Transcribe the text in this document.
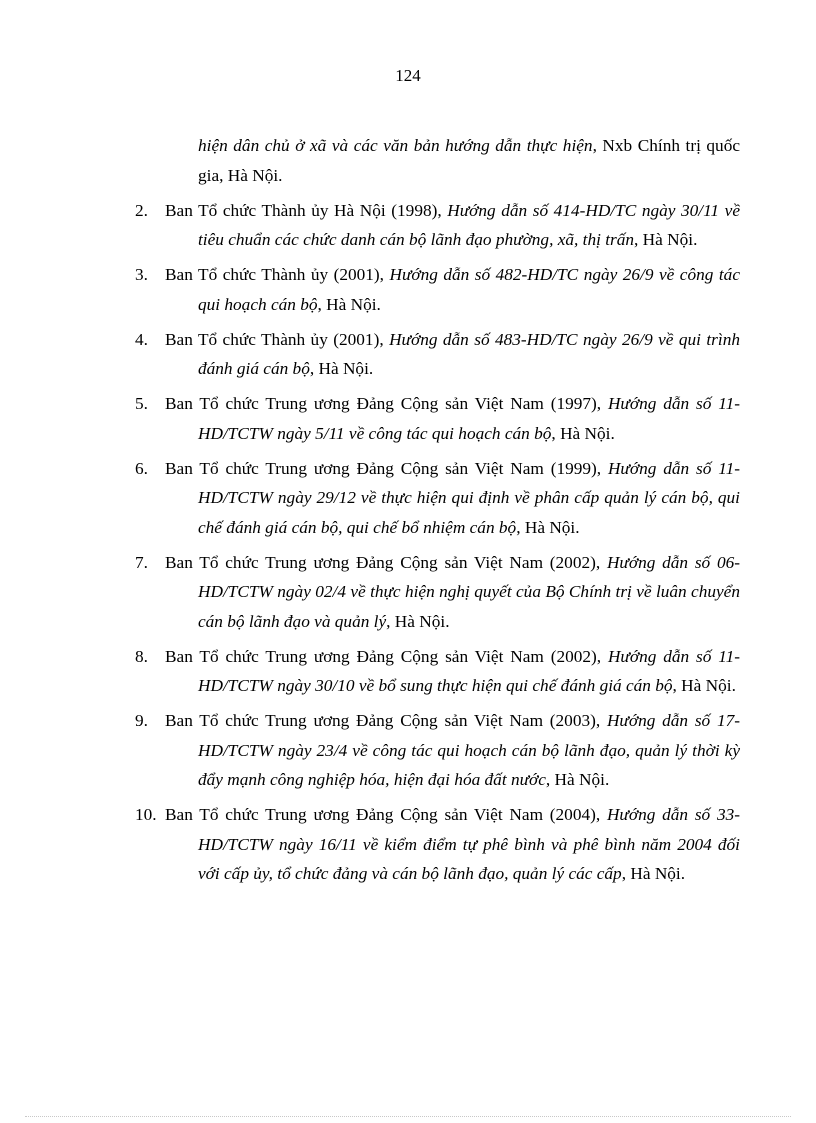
124
hiện dân chủ ở xã và các văn bản hướng dẫn thực hiện, Nxb Chính trị quốc gia, Hà Nội.
2. Ban Tổ chức Thành ủy Hà Nội (1998), Hướng dẫn số 414-HD/TC ngày 30/11 về tiêu chuẩn các chức danh cán bộ lãnh đạo phường, xã, thị trấn, Hà Nội.
3. Ban Tổ chức Thành ủy (2001), Hướng dẫn số 482-HD/TC ngày 26/9 về công tác qui hoạch cán bộ, Hà Nội.
4. Ban Tổ chức Thành ủy (2001), Hướng dẫn số 483-HD/TC ngày 26/9 về qui trình đánh giá cán bộ, Hà Nội.
5. Ban Tổ chức Trung ương Đảng Cộng sản Việt Nam (1997), Hướng dẫn số 11-HD/TCTW ngày 5/11 về công tác qui hoạch cán bộ, Hà Nội.
6. Ban Tổ chức Trung ương Đảng Cộng sản Việt Nam (1999), Hướng dẫn số 11-HD/TCTW ngày 29/12 về thực hiện qui định về phân cấp quản lý cán bộ, qui chế đánh giá cán bộ, qui chế bổ nhiệm cán bộ, Hà Nội.
7. Ban Tổ chức Trung ương Đảng Cộng sản Việt Nam (2002), Hướng dẫn số 06-HD/TCTW ngày 02/4 về thực hiện nghị quyết của Bộ Chính trị về luân chuyển cán bộ lãnh đạo và quản lý, Hà Nội.
8. Ban Tổ chức Trung ương Đảng Cộng sản Việt Nam (2002), Hướng dẫn số 11-HD/TCTW ngày 30/10 về bổ sung thực hiện qui chế đánh giá cán bộ, Hà Nội.
9. Ban Tổ chức Trung ương Đảng Cộng sản Việt Nam (2003), Hướng dẫn số 17-HD/TCTW ngày 23/4 về công tác qui hoạch cán bộ lãnh đạo, quản lý thời kỳ đẩy mạnh công nghiệp hóa, hiện đại hóa đất nước, Hà Nội.
10. Ban Tổ chức Trung ương Đảng Cộng sản Việt Nam (2004), Hướng dẫn số 33-HD/TCTW ngày 16/11 về kiểm điểm tự phê bình và phê bình năm 2004 đối với cấp ủy, tổ chức đảng và cán bộ lãnh đạo, quản lý các cấp, Hà Nội.
